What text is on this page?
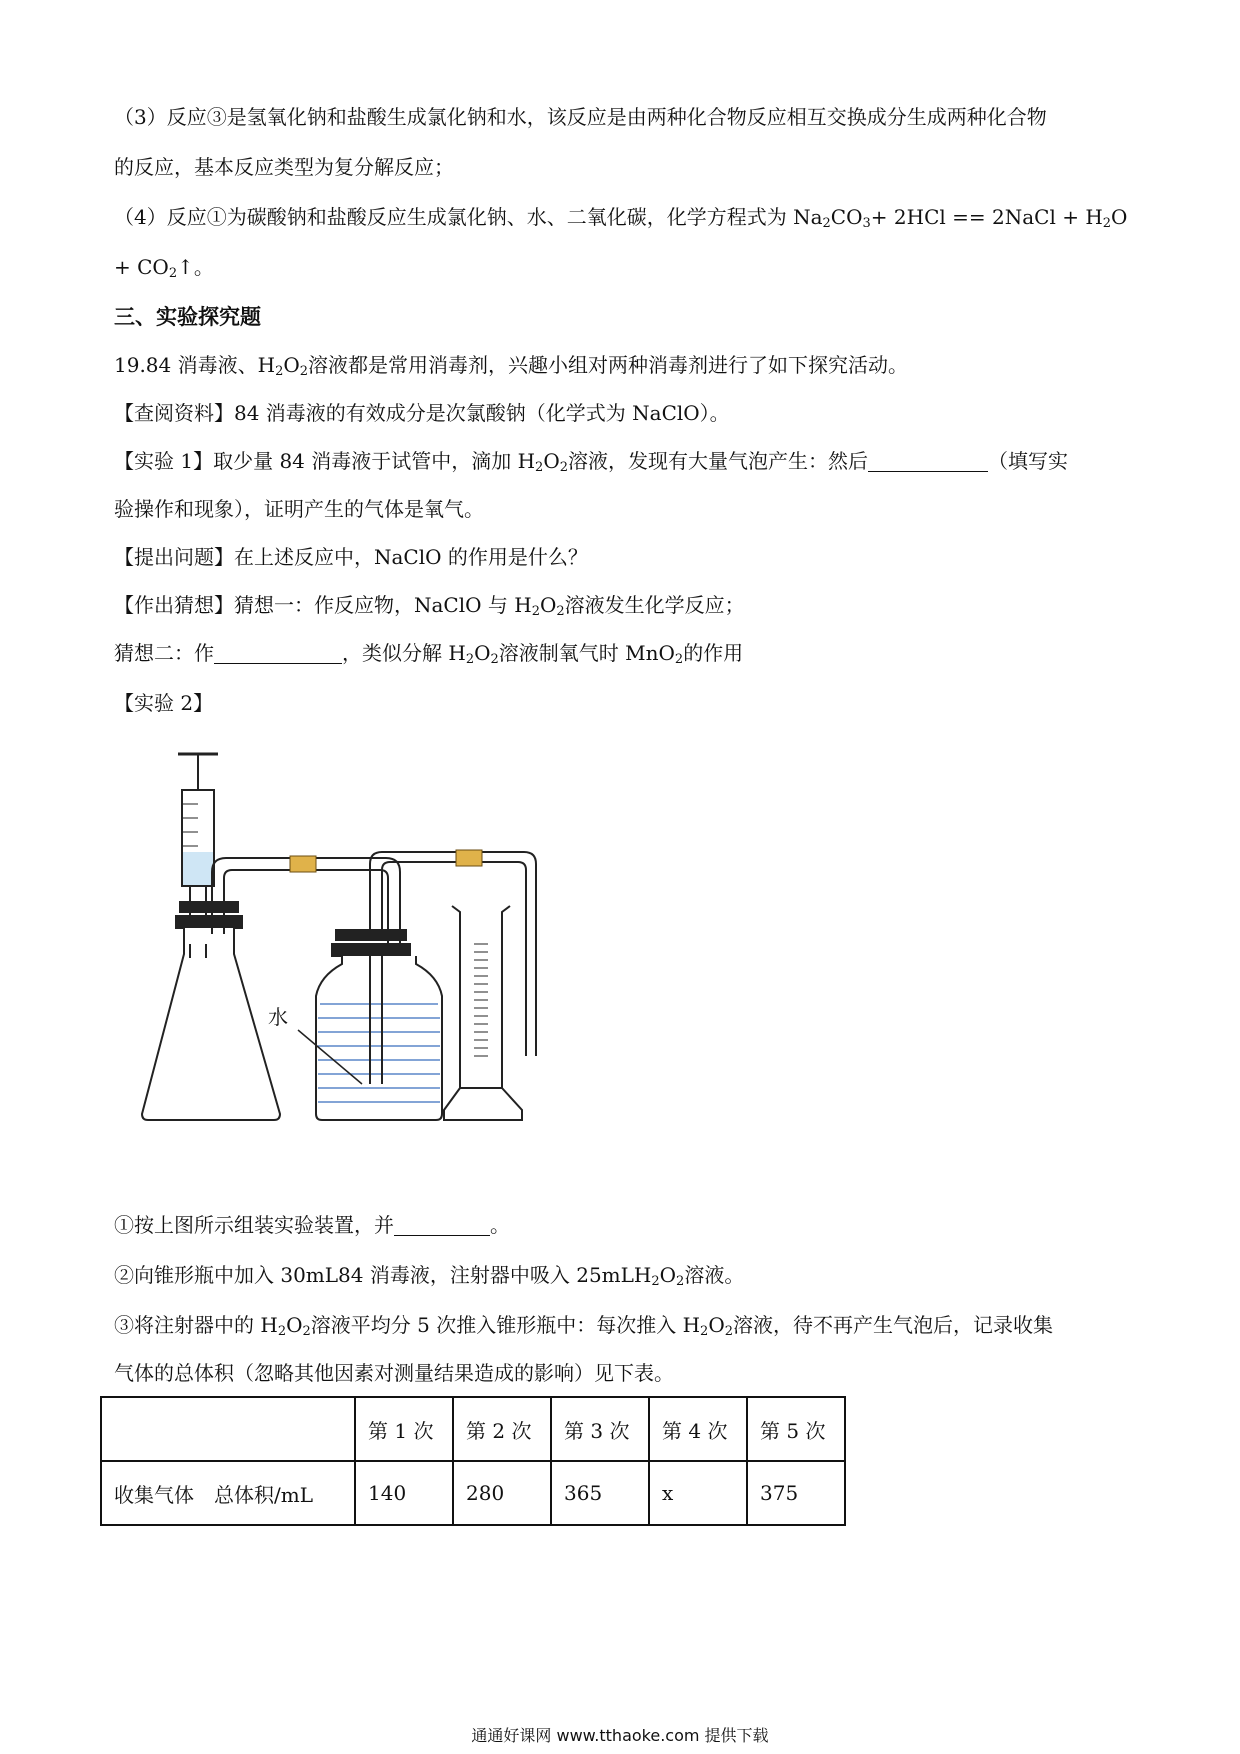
（3）反应③是氢氧化钠和盐酸生成氯化钠和水，该反应是由两种化合物反应相互交换成分生成两种化合物
的反应，基本反应类型为复分解反应；
（4）反应①为碳酸钠和盐酸反应生成氯化钠、水、二氧化碳，化学方程式为 $Na_2CO_3+ 2HCl$ == 2NaCl + $H_2O$
+ $CO_2↑$。
三、实验探究题
19.84 消毒液、$H_2O_2$溶液都是常用消毒剂，兴趣小组对两种消毒剂进行了如下探究活动。
【查阅资料】84 消毒液的有效成分是次氯酸钠（化学式为 NaClO）。
【实验 1】取少量 84 消毒液于试管中，滴加 $H_2O_2$溶液，发现有大量气泡产生：然后	（填写实
验操作和现象），证明产生的气体是氧气。
【提出问题】在上述反应中，NaClO 的作用是什么？
【作出猜想】猜想一：作反应物，NaClO 与 $H_2O_2$溶液发生化学反应；
猜想二：作	，类似分解 $H_2O_2$溶液制氧气时 MnO$_2$的作用
【实验 2】
水
①按上图所示组装实验装置，并	。
②向锥形瓶中加入 30mL84 消毒液，注射器中吸入 $25mLH_2O_2$溶液。
③将注射器中的 $H_2O_2$溶液平均分 5 次推入锥形瓶中：每次推入 $H_2O_2$溶液，待不再产生气泡后，记录收集
气体的总体积（忽略其他因素对测量结果造成的影响）见下表。
	第 1 次	第 2 次	第 3 次	第 4 次	第 5 次
收集气体　总体积/mL	140	280	365	x	375
通通好课网 www.tthaoke.com 提供下载
